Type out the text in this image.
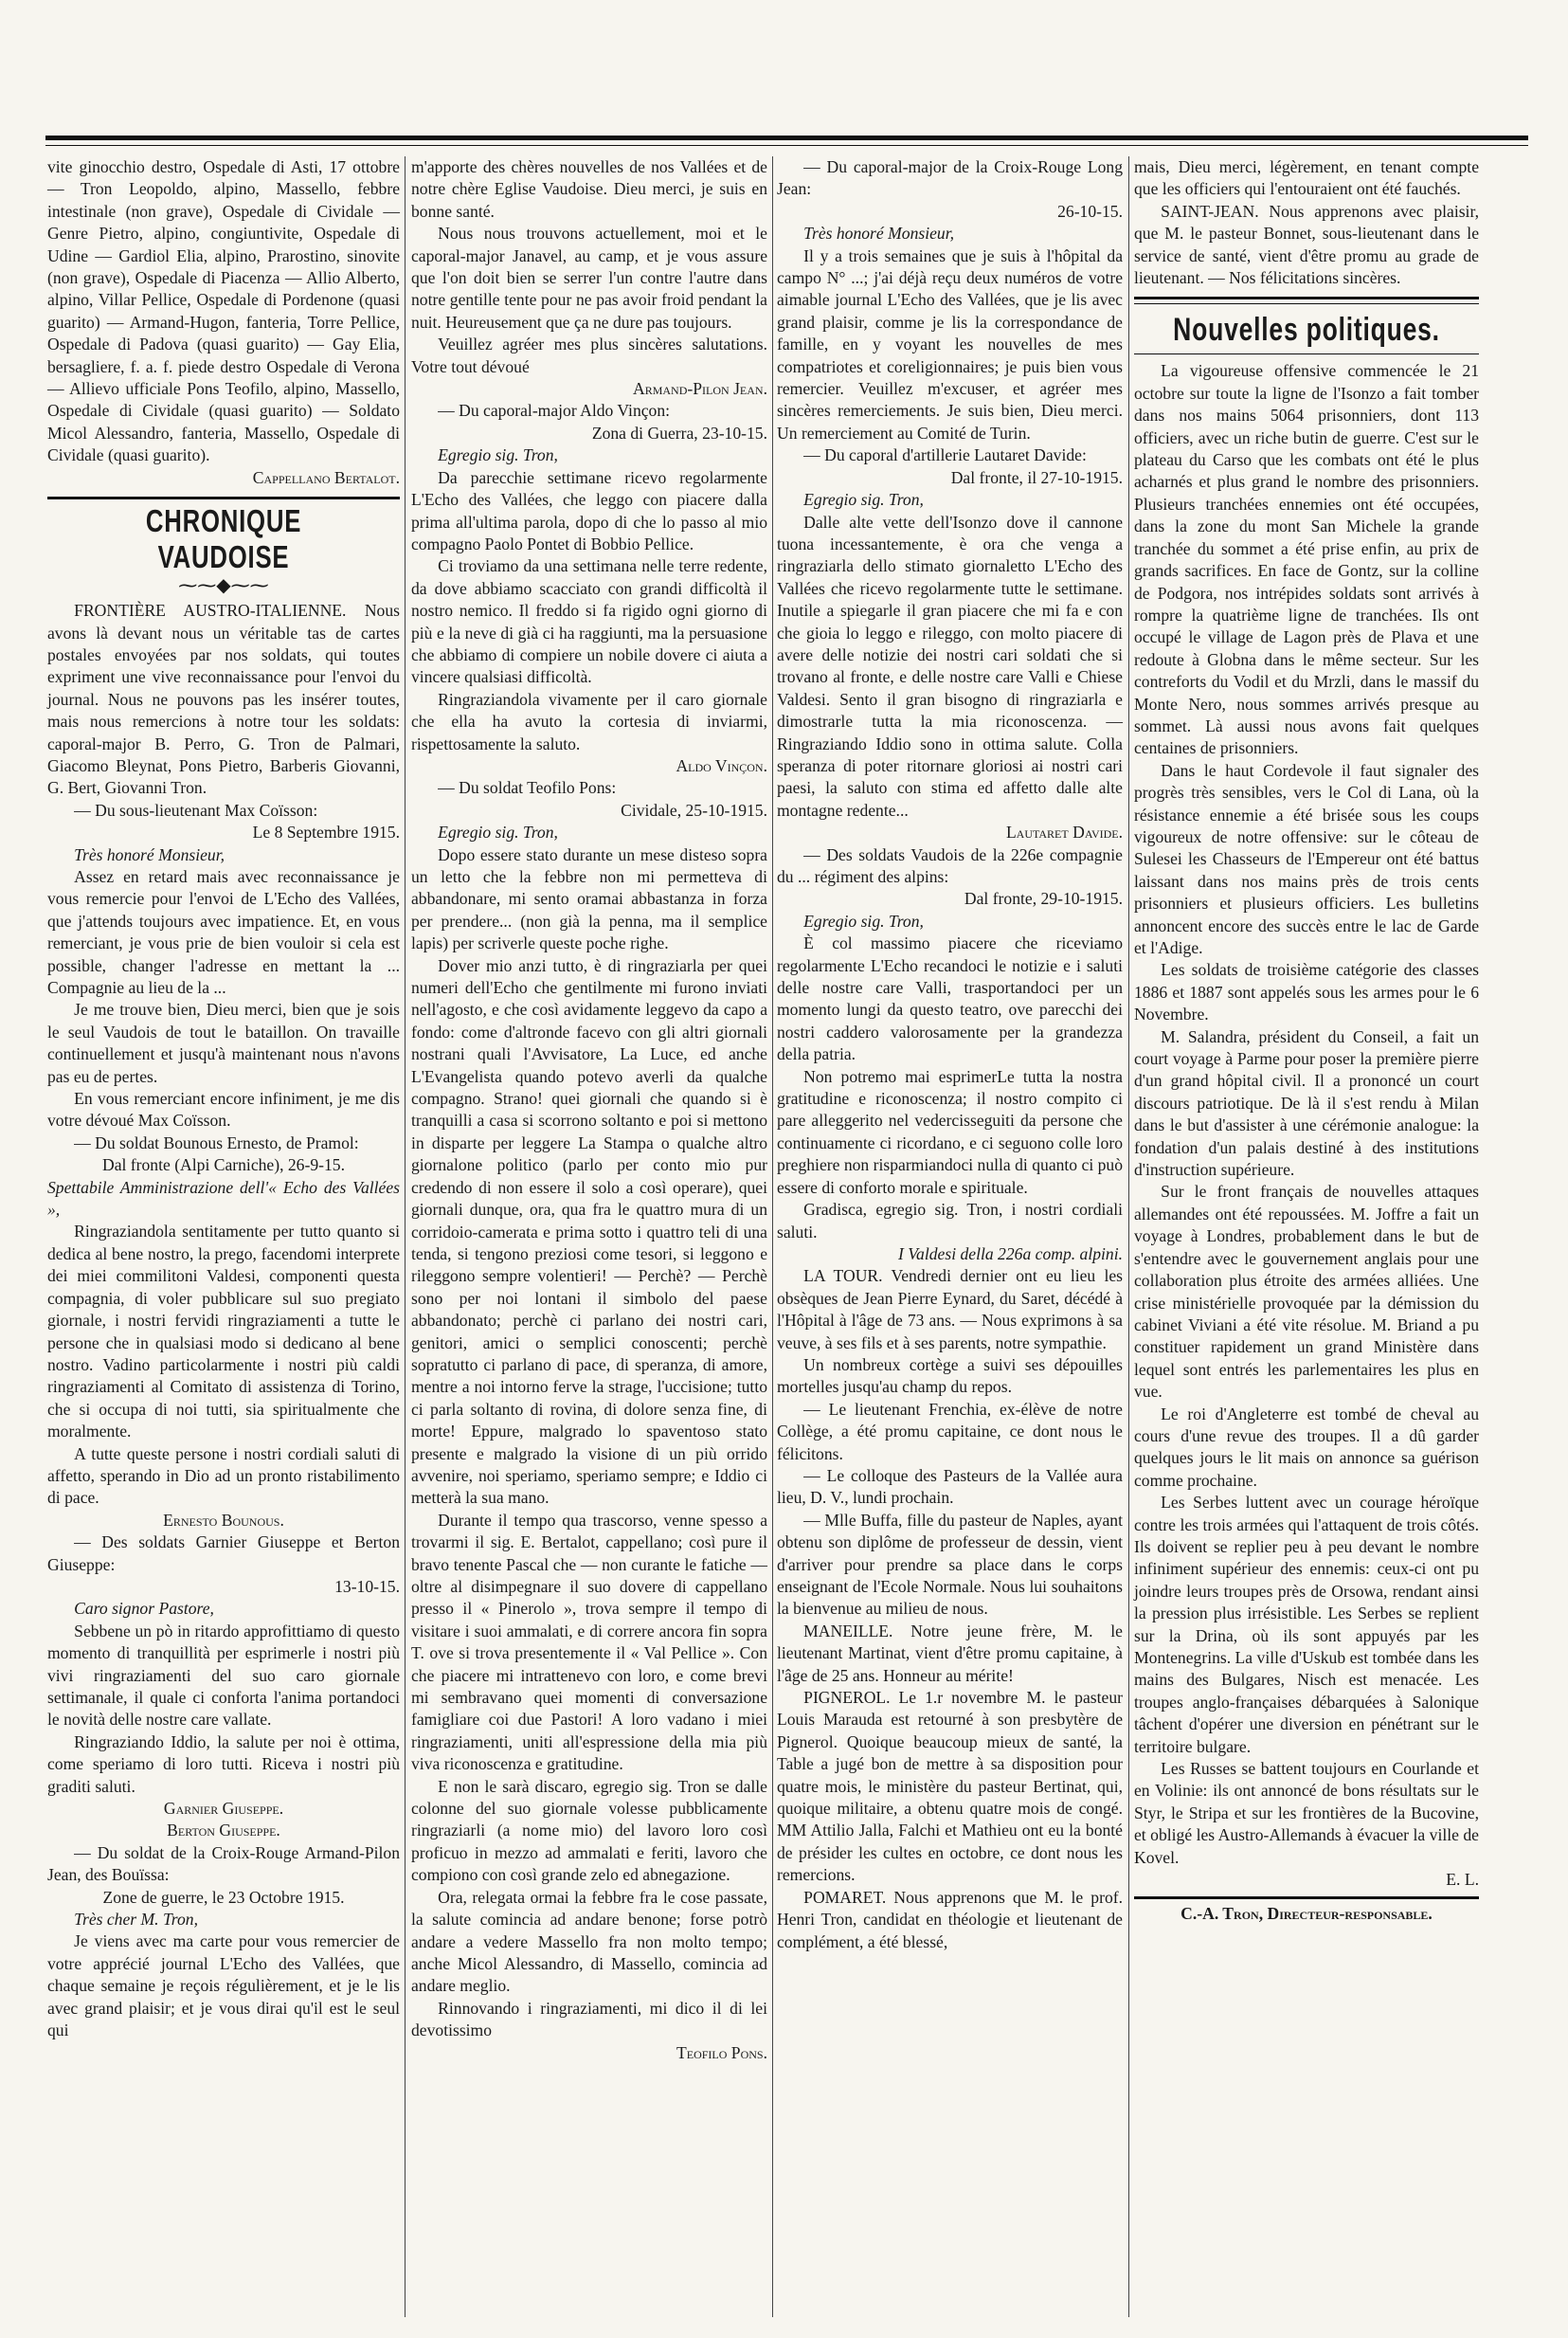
vite ginocchio destro, Ospedale di Asti, 17 ottobre — Tron Leopoldo, alpino, Massello, febbre intestinale (non grave), Ospedale di Cividale — Genre Pietro, alpino, congiuntivite, Ospedale di Udine — Gardiol Elia, alpino, Prarostino, sinovite (non grave), Ospedale di Piacenza — Allio Alberto, alpino, Villar Pellice, Ospedale di Pordenone (quasi guarito) — Armand-Hugon, fanteria, Torre Pellice, Ospedale di Padova (quasi guarito) — Gay Elia, bersagliere, f. a. f. piede destro Ospedale di Verona — Allievo ufficiale Pons Teofilo, alpino, Massello, Ospedale di Cividale (quasi guarito) — Soldato Micol Alessandro, fanteria, Massello, Ospedale di Cividale (quasi guarito).

Cappellano Bertalot.

CHRONIQUE VAUDOISE
⁓⁓◆⁓⁓

FRONTIÈRE AUSTRO-ITALIENNE. Nous avons là devant nous un véritable tas de cartes postales envoyées par nos soldats, qui toutes expriment une vive reconnaissance pour l'envoi du journal. Nous ne pouvons pas les insérer toutes, mais nous remercions à notre tour les soldats: caporal-major B. Perro, G. Tron de Palmari, Giacomo Bleynat, Pons Pietro, Barberis Giovanni, G. Bert, Giovanni Tron.

— Du sous-lieutenant Max Coïsson:

Le 8 Septembre 1915.

Très honoré Monsieur,

Assez en retard mais avec reconnaissance je vous remercie pour l'envoi de L'Echo des Vallées, que j'attends toujours avec impatience. Et, en vous remerciant, je vous prie de bien vouloir si cela est possible, changer l'adresse en mettant la ... Compagnie au lieu de la ...

Je me trouve bien, Dieu merci, bien que je sois le seul Vaudois de tout le bataillon. On travaille continuellement et jusqu'à maintenant nous n'avons pas eu de pertes.

En vous remerciant encore infiniment, je me dis votre dévoué Max Coïsson.

— Du soldat Bounous Ernesto, de Pramol:

Dal fronte (Alpi Carniche), 26-9-15.

Spettabile Amministrazione dell'« Echo des Vallées »,

Ringraziandola sentitamente per tutto quanto si dedica al bene nostro, la prego, facendomi interprete dei miei commilitoni Valdesi, componenti questa compagnia, di voler pubblicare sul suo pregiato giornale, i nostri fervidi ringraziamenti a tutte le persone che in qualsiasi modo si dedicano al bene nostro. Vadino particolarmente i nostri più caldi ringraziamenti al Comitato di assistenza di Torino, che si occupa di noi tutti, sia spiritualmente che moralmente.

A tutte queste persone i nostri cordiali saluti di affetto, sperando in Dio ad un pronto ristabilimento di pace.

Ernesto Bounous.

— Des soldats Garnier Giuseppe et Berton Giuseppe:

13-10-15.

Caro signor Pastore,

Sebbene un pò in ritardo approfittiamo di questo momento di tranquillità per esprimerle i nostri più vivi ringraziamenti del suo caro giornale settimanale, il quale ci conforta l'anima portandoci le novità delle nostre care vallate.

Ringraziando Iddio, la salute per noi è ottima, come speriamo di loro tutti. Riceva i nostri più graditi saluti.

Garnier Giuseppe.

Berton Giuseppe.

— Du soldat de la Croix-Rouge Armand-Pilon Jean, des Bouïssa:

Zone de guerre, le 23 Octobre 1915.

Très cher M. Tron,

Je viens avec ma carte pour vous remercier de votre apprécié journal L'Echo des Vallées, que chaque semaine je reçois régulièrement, et je le lis avec grand plaisir; et je vous dirai qu'il est le seul qui

m'apporte des chères nouvelles de nos Vallées et de notre chère Eglise Vaudoise. Dieu merci, je suis en bonne santé.

Nous nous trouvons actuellement, moi et le caporal-major Janavel, au camp, et je vous assure que l'on doit bien se serrer l'un contre l'autre dans notre gentille tente pour ne pas avoir froid pendant la nuit. Heureusement que ça ne dure pas toujours.

Veuillez agréer mes plus sincères salutations. Votre tout dévoué

Armand-Pilon Jean.

— Du caporal-major Aldo Vinçon:

Zona di Guerra, 23-10-15.

Egregio sig. Tron,

Da parecchie settimane ricevo regolarmente L'Echo des Vallées, che leggo con piacere dalla prima all'ultima parola, dopo di che lo passo al mio compagno Paolo Pontet di Bobbio Pellice.

Ci troviamo da una settimana nelle terre redente, da dove abbiamo scacciato con grandi difficoltà il nostro nemico. Il freddo si fa rigido ogni giorno di più e la neve di già ci ha raggiunti, ma la persuasione che abbiamo di compiere un nobile dovere ci aiuta a vincere qualsiasi difficoltà.

Ringraziandola vivamente per il caro giornale che ella ha avuto la cortesia di inviarmi, rispettosamente la saluto.

Aldo Vinçon.

— Du soldat Teofilo Pons:

Cividale, 25-10-1915.

Egregio sig. Tron,

Dopo essere stato durante un mese disteso sopra un letto che la febbre non mi permetteva di abbandonare, mi sento oramai abbastanza in forza per prendere... (non già la penna, ma il semplice lapis) per scriverle queste poche righe.

Dover mio anzi tutto, è di ringraziarla per quei numeri dell'Echo che gentilmente mi furono inviati nell'agosto, e che così avidamente leggevo da capo a fondo: come d'altronde facevo con gli altri giornali nostrani quali l'Avvisatore, La Luce, ed anche L'Evangelista quando potevo averli da qualche compagno. Strano! quei giornali che quando si è tranquilli a casa si scorrono soltanto e poi si mettono in disparte per leggere La Stampa o qualche altro giornalone politico (parlo per conto mio pur credendo di non essere il solo a così operare), quei giornali dunque, ora, qua fra le quattro mura di un corridoio-camerata e prima sotto i quattro teli di una tenda, si tengono preziosi come tesori, si leggono e rileggono sempre volentieri! — Perchè? — Perchè sono per noi lontani il simbolo del paese abbandonato; perchè ci parlano dei nostri cari, genitori, amici o semplici conoscenti; perchè sopratutto ci parlano di pace, di speranza, di amore, mentre a noi intorno ferve la strage, l'uccisione; tutto ci parla soltanto di rovina, di dolore senza fine, di morte! Eppure, malgrado lo spaventoso stato presente e malgrado la visione di un più orrido avvenire, noi speriamo, speriamo sempre; e Iddio ci metterà la sua mano.

Durante il tempo qua trascorso, venne spesso a trovarmi il sig. E. Bertalot, cappellano; così pure il bravo tenente Pascal che — non curante le fatiche — oltre al disimpegnare il suo dovere di cappellano presso il « Pinerolo », trova sempre il tempo di visitare i suoi ammalati, e di correre ancora fin sopra T. ove si trova presentemente il « Val Pellice ». Con che piacere mi intrattenevo con loro, e come brevi mi sembravano quei momenti di conversazione famigliare coi due Pastori! A loro vadano i miei ringraziamenti, uniti all'espressione della mia più viva riconoscenza e gratitudine.

E non le sarà discaro, egregio sig. Tron se dalle colonne del suo giornale volesse pubblicamente ringraziarli (a nome mio) del lavoro loro così proficuo in mezzo ad ammalati e feriti, lavoro che compiono con così grande zelo ed abnegazione.

Ora, relegata ormai la febbre fra le cose passate, la salute comincia ad andare benone; forse potrò andare a vedere Massello fra non molto tempo; anche Micol Alessandro, di Massello, comincia ad andare meglio.

Rinnovando i ringraziamenti, mi dico il di lei devotissimo

Teofilo Pons.

— Du caporal-major de la Croix-Rouge Long Jean:

26-10-15.

Très honoré Monsieur,

Il y a trois semaines que je suis à l'hôpital da campo N° ...; j'ai déjà reçu deux numéros de votre aimable journal L'Echo des Vallées, que je lis avec grand plaisir, comme je lis la correspondance de famille, en y voyant les nouvelles de mes compatriotes et coreligionnaires; je puis bien vous remercier. Veuillez m'excuser, et agréer mes sincères remerciements. Je suis bien, Dieu merci. Un remerciement au Comité de Turin.

— Du caporal d'artillerie Lautaret Davide:

Dal fronte, il 27-10-1915.

Egregio sig. Tron,

Dalle alte vette dell'Isonzo dove il cannone tuona incessantemente, è ora che venga a ringraziarla dello stimato giornaletto L'Echo des Vallées che ricevo regolarmente tutte le settimane. Inutile a spiegarle il gran piacere che mi fa e con che gioia lo leggo e rileggo, con molto piacere di avere delle notizie dei nostri cari soldati che si trovano al fronte, e delle nostre care Valli e Chiese Valdesi. Sento il gran bisogno di ringraziarla e dimostrarle tutta la mia riconoscenza. — Ringraziando Iddio sono in ottima salute. Colla speranza di poter ritornare gloriosi ai nostri cari paesi, la saluto con stima ed affetto dalle alte montagne redente...

Lautaret Davide.

— Des soldats Vaudois de la 226e compagnie du ... régiment des alpins:

Dal fronte, 29-10-1915.

Egregio sig. Tron,

È col massimo piacere che riceviamo regolarmente L'Echo recandoci le notizie e i saluti delle nostre care Valli, trasportandoci per un momento lungi da questo teatro, ove parecchi dei nostri caddero valorosamente per la grandezza della patria.

Non potremo mai esprimerLe tutta la nostra gratitudine e riconoscenza; il nostro compito ci pare alleggerito nel vedercisseguiti da persone che continuamente ci ricordano, e ci seguono colle loro preghiere non risparmiandoci nulla di quanto ci può essere di conforto morale e spirituale.

Gradisca, egregio sig. Tron, i nostri cordiali saluti.

I Valdesi della 226a comp. alpini.

LA TOUR. Vendredi dernier ont eu lieu les obsèques de Jean Pierre Eynard, du Saret, décédé à l'Hôpital à l'âge de 73 ans. — Nous exprimons à sa veuve, à ses fils et à ses parents, notre sympathie.

Un nombreux cortège a suivi ses dépouilles mortelles jusqu'au champ du repos.

— Le lieutenant Frenchia, ex-élève de notre Collège, a été promu capitaine, ce dont nous le félicitons.

— Le colloque des Pasteurs de la Vallée aura lieu, D. V., lundi prochain.

— Mlle Buffa, fille du pasteur de Naples, ayant obtenu son diplôme de professeur de dessin, vient d'arriver pour prendre sa place dans le corps enseignant de l'Ecole Normale. Nous lui souhaitons la bienvenue au milieu de nous.

MANEILLE. Notre jeune frère, M. le lieutenant Martinat, vient d'être promu capitaine, à l'âge de 25 ans. Honneur au mérite!

PIGNEROL. Le 1.r novembre M. le pasteur Louis Marauda est retourné à son presbytère de Pignerol. Quoique beaucoup mieux de santé, la Table a jugé bon de mettre à sa disposition pour quatre mois, le ministère du pasteur Bertinat, qui, quoique militaire, a obtenu quatre mois de congé. MM Attilio Jalla, Falchi et Mathieu ont eu la bonté de présider les cultes en octobre, ce dont nous les remercions.

POMARET. Nous apprenons que M. le prof. Henri Tron, candidat en théologie et lieutenant de complément, a été blessé,

mais, Dieu merci, légèrement, en tenant compte que les officiers qui l'entouraient ont été fauchés.

SAINT-JEAN. Nous apprenons avec plaisir, que M. le pasteur Bonnet, sous-lieutenant dans le service de santé, vient d'être promu au grade de lieutenant. — Nos félicitations sincères.

Nouvelles politiques.

La vigoureuse offensive commencée le 21 octobre sur toute la ligne de l'Isonzo a fait tomber dans nos mains 5064 prisonniers, dont 113 officiers, avec un riche butin de guerre. C'est sur le plateau du Carso que les combats ont été le plus acharnés et plus grand le nombre des prisonniers. Plusieurs tranchées ennemies ont été occupées, dans la zone du mont San Michele la grande tranchée du sommet a été prise enfin, au prix de grands sacrifices. En face de Gontz, sur la colline de Podgora, nos intrépides soldats sont arrivés à rompre la quatrième ligne de tranchées. Ils ont occupé le village de Lagon près de Plava et une redoute à Globna dans le même secteur. Sur les contreforts du Vodil et du Mrzli, dans le massif du Monte Nero, nous sommes arrivés presque au sommet. Là aussi nous avons fait quelques centaines de prisonniers.

Dans le haut Cordevole il faut signaler des progrès très sensibles, vers le Col di Lana, où la résistance ennemie a été brisée sous les coups vigoureux de notre offensive: sur le côteau de Sulesei les Chasseurs de l'Empereur ont été battus laissant dans nos mains près de trois cents prisonniers et plusieurs officiers. Les bulletins annoncent encore des succès entre le lac de Garde et l'Adige.

Les soldats de troisième catégorie des classes 1886 et 1887 sont appelés sous les armes pour le 6 Novembre.

M. Salandra, président du Conseil, a fait un court voyage à Parme pour poser la première pierre d'un grand hôpital civil. Il a prononcé un court discours patriotique. De là il s'est rendu à Milan dans le but d'assister à une cérémonie analogue: la fondation d'un palais destiné à des institutions d'instruction supérieure.

Sur le front français de nouvelles attaques allemandes ont été repoussées. M. Joffre a fait un voyage à Londres, probablement dans le but de s'entendre avec le gouvernement anglais pour une collaboration plus étroite des armées alliées. Une crise ministérielle provoquée par la démission du cabinet Viviani a été vite résolue. M. Briand a pu constituer rapidement un grand Ministère dans lequel sont entrés les parlementaires les plus en vue.

Le roi d'Angleterre est tombé de cheval au cours d'une revue des troupes. Il a dû garder quelques jours le lit mais on annonce sa guérison comme prochaine.

Les Serbes luttent avec un courage héroïque contre les trois armées qui l'attaquent de trois côtés. Ils doivent se replier peu à peu devant le nombre infiniment supérieur des ennemis: ceux-ci ont pu joindre leurs troupes près de Orsowa, rendant ainsi la pression plus irrésistible. Les Serbes se replient sur la Drina, où ils sont appuyés par les Montenegrins. La ville d'Uskub est tombée dans les mains des Bulgares, Nisch est menacée. Les troupes anglo-françaises débarquées à Salonique tâchent d'opérer une diversion en pénétrant sur le territoire bulgare.

Les Russes se battent toujours en Courlande et en Volinie: ils ont annoncé de bons résultats sur le Styr, le Stripa et sur les frontières de la Bucovine, et obligé les Austro-Allemands à évacuer la ville de Kovel.

E. L.

C.-A. Tron, Directeur-responsable.
